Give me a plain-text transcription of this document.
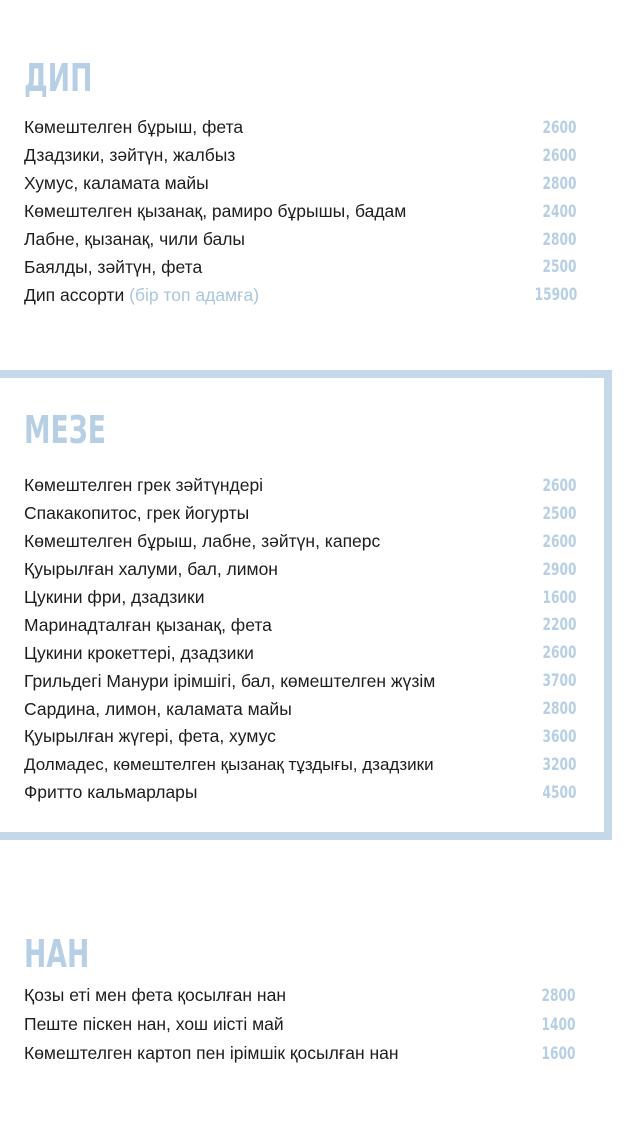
ДИП
Көмештелген бұрыш, фета	2600
Дзадзики, зәйтүн, жалбыз	2600
Хумус, каламата майы	2800
Көмештелген қызанақ, рамиро бұрышы, бадам	2400
Лабне, қызанақ, чили балы	2800
Баялды, зәйтүн, фета	2500
Дип ассорти (бір топ адамға)	15900
МЕЗЕ
Көмештелген грек зәйтүндері	2600
Спакакопитос, грек йогурты	2500
Көмештелген бұрыш, лабне, зәйтүн, каперс	2600
Қуырылған халуми, бал, лимон	2900
Цукини фри, дзадзики	1600
Маринадталған қызанақ, фета	2200
Цукини крокеттері, дзадзики	2600
Грильдегі Манури ірімшігі, бал, көмештелген жүзім	3700
Сардина, лимон, каламата майы	2800
Қуырылған жүгері, фета, хумус	3600
Долмадес, көмештелген қызанақ тұздығы, дзадзики	3200
Фритто кальмарлары	4500
НАН
Қозы еті мен фета қосылған нан	2800
Пеште піскен нан, хош иісті май	1400
Көмештелген картоп пен ірімшік қосылған нан	1600
